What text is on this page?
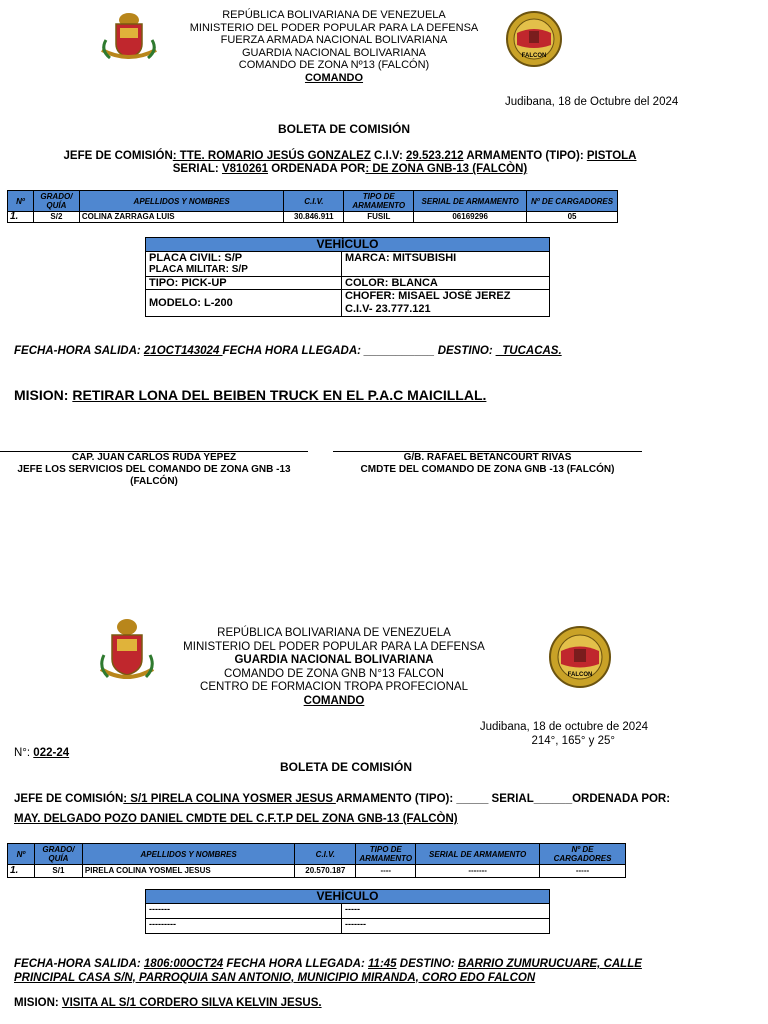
REPÚBLICA BOLIVARIANA DE VENEZUELA
MINISTERIO DEL PODER POPULAR PARA LA DEFENSA
FUERZA ARMADA NACIONAL BOLIVARIANA
GUARDIA NACIONAL BOLIVARIANA
COMANDO DE ZONA Nº13 (FALCÓN)
COMANDO
FALCON
Judibana, 18 de Octubre del 2024
BOLETA DE COMISIÓN
JEFE DE COMISIÓN: TTE. ROMARIO JESÚS GONZALEZ C.I.V: 29.523.212 ARMAMENTO (TIPO): PISTOLA
SERIAL: V810261 ORDENADA POR: DE ZONA GNB-13 (FALCÒN)
Nº	GRADO/ QUÍA	APELLIDOS Y NOMBRES	C.I.V.	TIPO DE ARMAMENTO	SERIAL DE ARMAMENTO	Nº DE CARGADORES
1.	S/2	COLINA ZARRAGA LUIS	30.846.911	FUSIL	06169296	05
VEHÍCULO	

PLACA CIVIL: S/P
PLACA MILITAR: S/P	MARCA: MITSUBISHI
TIPO: PICK-UP	COLOR: BLANCA
MODELO: L-200	CHOFER: MISAEL JOSÉ JEREZ
C.I.V- 23.777.121
FECHA-HORA SALIDA: 21OCT143024 FECHA HORA LLEGADA: ___________ DESTINO: _TUCACAS.
MISION: RETIRAR LONA DEL BEIBEN TRUCK EN EL P.A.C MAICILLAL.
CAP. JUAN CARLOS RUDA YEPEZ
JEFE LOS SERVICIOS DEL COMANDO DE ZONA GNB -13
(FALCÓN)
G/B. RAFAEL BETANCOURT RIVAS
CMDTE DEL COMANDO DE ZONA GNB -13 (FALCÓN)
REPÚBLICA BOLIVARIANA DE VENEZUELA
MINISTERIO DEL PODER POPULAR PARA LA DEFENSA
GUARDIA NACIONAL BOLIVARIANA
COMANDO DE ZONA GNB N°13 FALCON
CENTRO DE FORMACION TROPA PROFECIONAL
COMANDO
FALCON
Judibana, 18 de octubre de 2024
214°, 165° y 25°
N°: 022-24
BOLETA DE COMISIÓN
JEFE DE COMISIÓN: S/1 PIRELA COLINA YOSMER JESUS ARMAMENTO (TIPO): _____ SERIAL______ORDENADA POR:
MAY. DELGADO POZO DANIEL CMDTE DEL C.F.T.P DEL ZONA GNB-13 (FALCÒN)
Nº	GRADO/ QUÍA	APELLIDOS Y NOMBRES	C.I.V.	TIPO DE ARMAMENTO	SERIAL DE ARMAMENTO	Nº DE CARGADORES
1.	S/1	PIRELA COLINA YOSMEL JESUS	20.570.187	----	-------	-----
VEHÍCULO	
-------	-----
---------	-------
FECHA-HORA SALIDA: 1806:00OCT24 FECHA HORA LLEGADA: 11:45 DESTINO: BARRIO ZUMURUCUARE, CALLE
PRINCIPAL CASA S/N, PARROQUIA SAN ANTONIO, MUNICIPIO MIRANDA, CORO EDO FALCON
MISION: VISITA AL S/1 CORDERO SILVA KELVIN JESUS.
